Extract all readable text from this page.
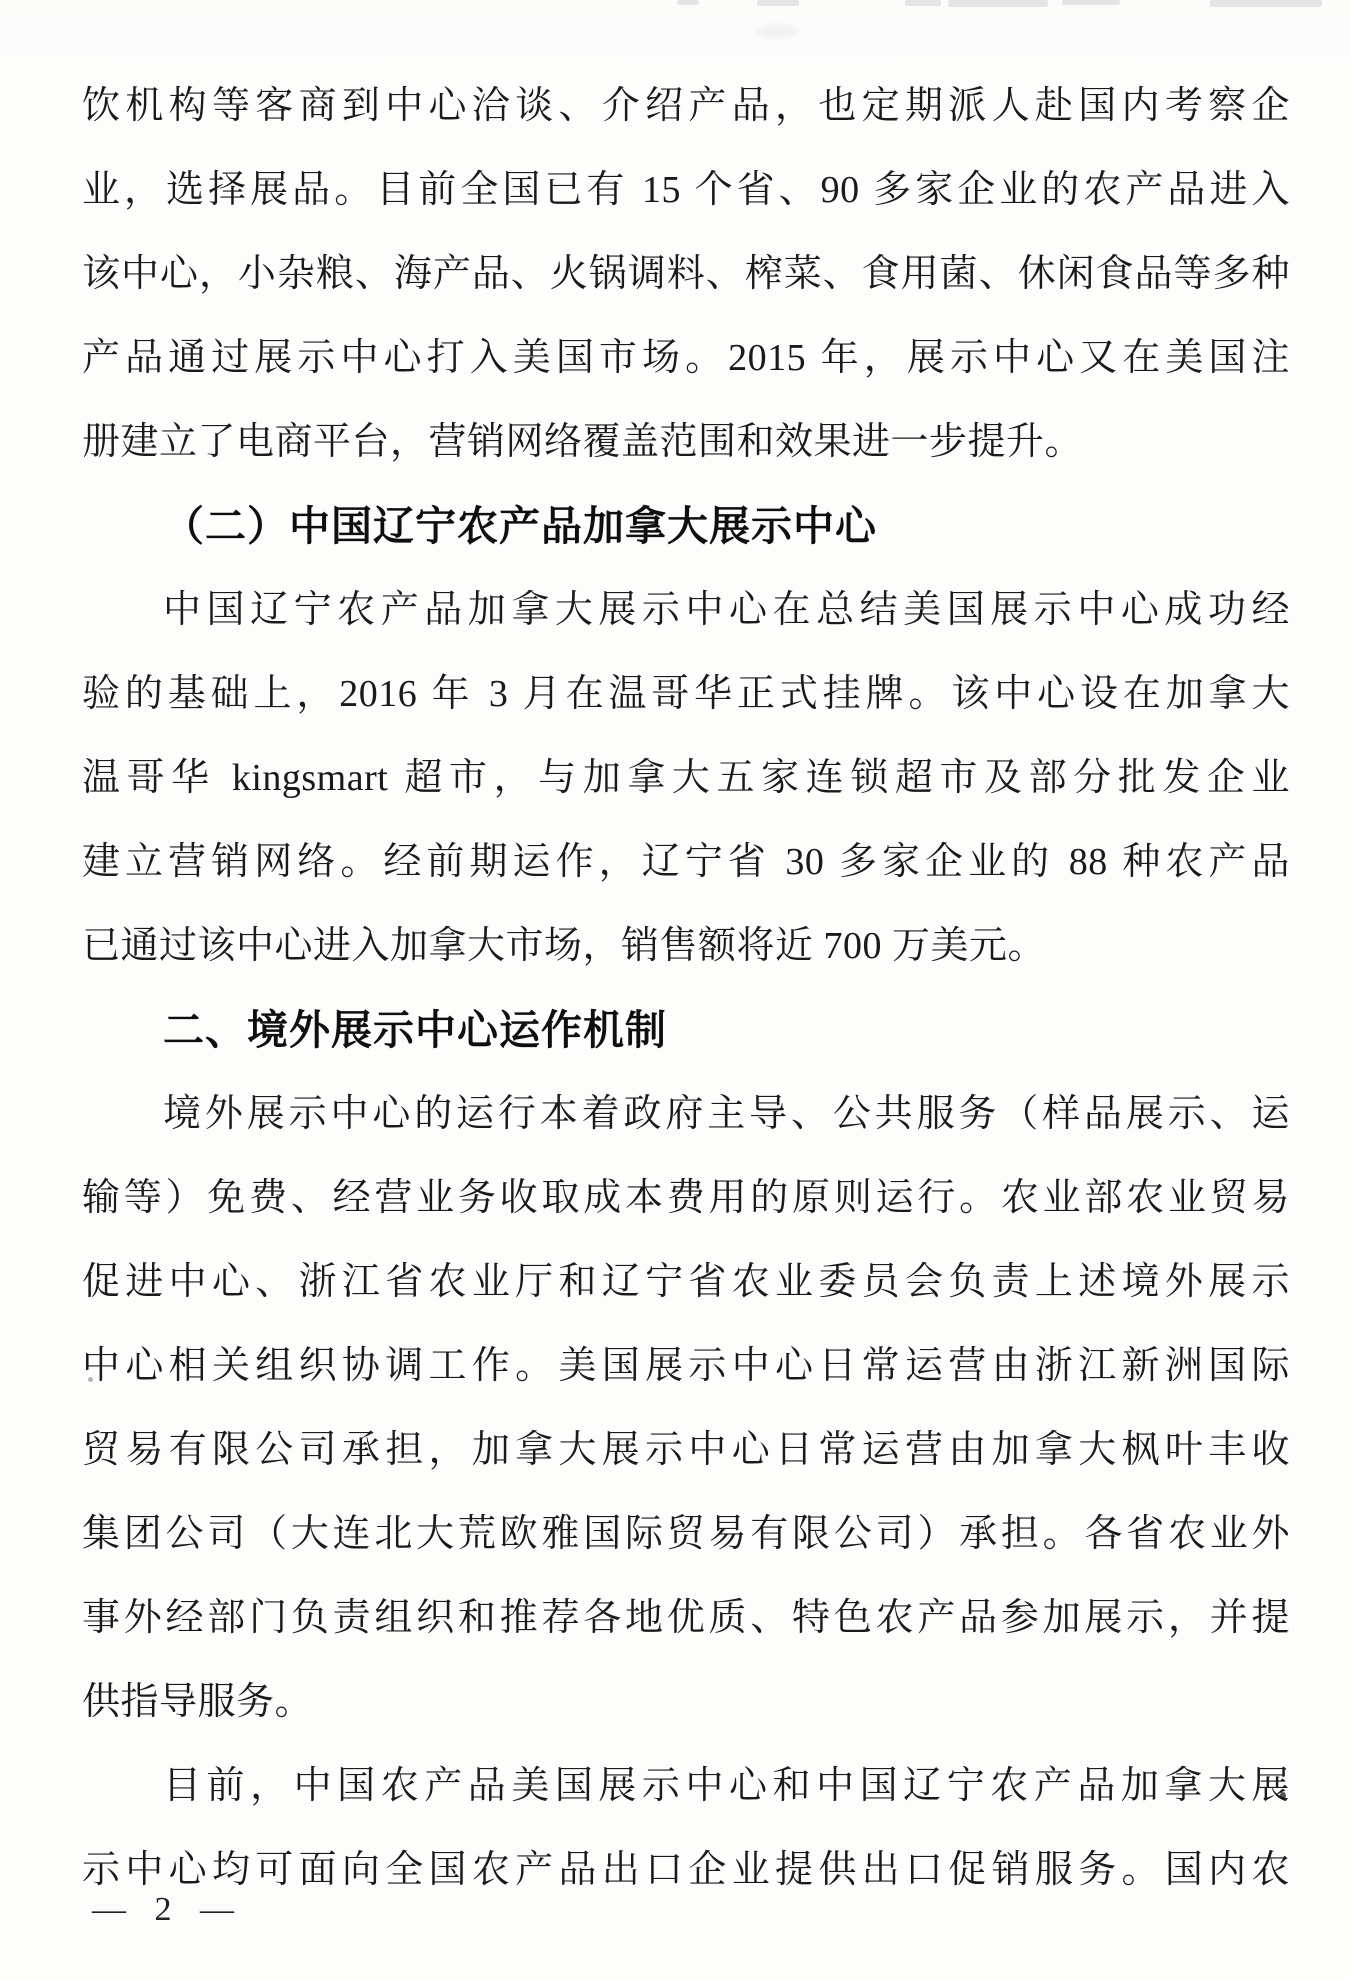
饮机构等客商到中心洽谈、介绍产品，也定期派人赴国内考察企
业，选择展品。目前全国已有 15 个省、90 多家企业的农产品进入
该中心，小杂粮、海产品、火锅调料、榨菜、食用菌、休闲食品等多种
产品通过展示中心打入美国市场。2015 年，展示中心又在美国注
册建立了电商平台，营销网络覆盖范围和效果进一步提升。
（二）中国辽宁农产品加拿大展示中心
中国辽宁农产品加拿大展示中心在总结美国展示中心成功经
验的基础上，2016 年 3 月在温哥华正式挂牌。该中心设在加拿大
温哥华 kingsmart 超市，与加拿大五家连锁超市及部分批发企业
建立营销网络。经前期运作，辽宁省 30 多家企业的 88 种农产品
已通过该中心进入加拿大市场，销售额将近 700 万美元。
二、境外展示中心运作机制
境外展示中心的运行本着政府主导、公共服务（样品展示、运
输等）免费、经营业务收取成本费用的原则运行。农业部农业贸易
促进中心、浙江省农业厅和辽宁省农业委员会负责上述境外展示
中心相关组织协调工作。美国展示中心日常运营由浙江新洲国际
贸易有限公司承担，加拿大展示中心日常运营由加拿大枫叶丰收
集团公司（大连北大荒欧雅国际贸易有限公司）承担。各省农业外
事外经部门负责组织和推荐各地优质、特色农产品参加展示，并提
供指导服务。
目前，中国农产品美国展示中心和中国辽宁农产品加拿大展
示中心均可面向全国农产品出口企业提供出口促销服务。国内农
— 2 —
